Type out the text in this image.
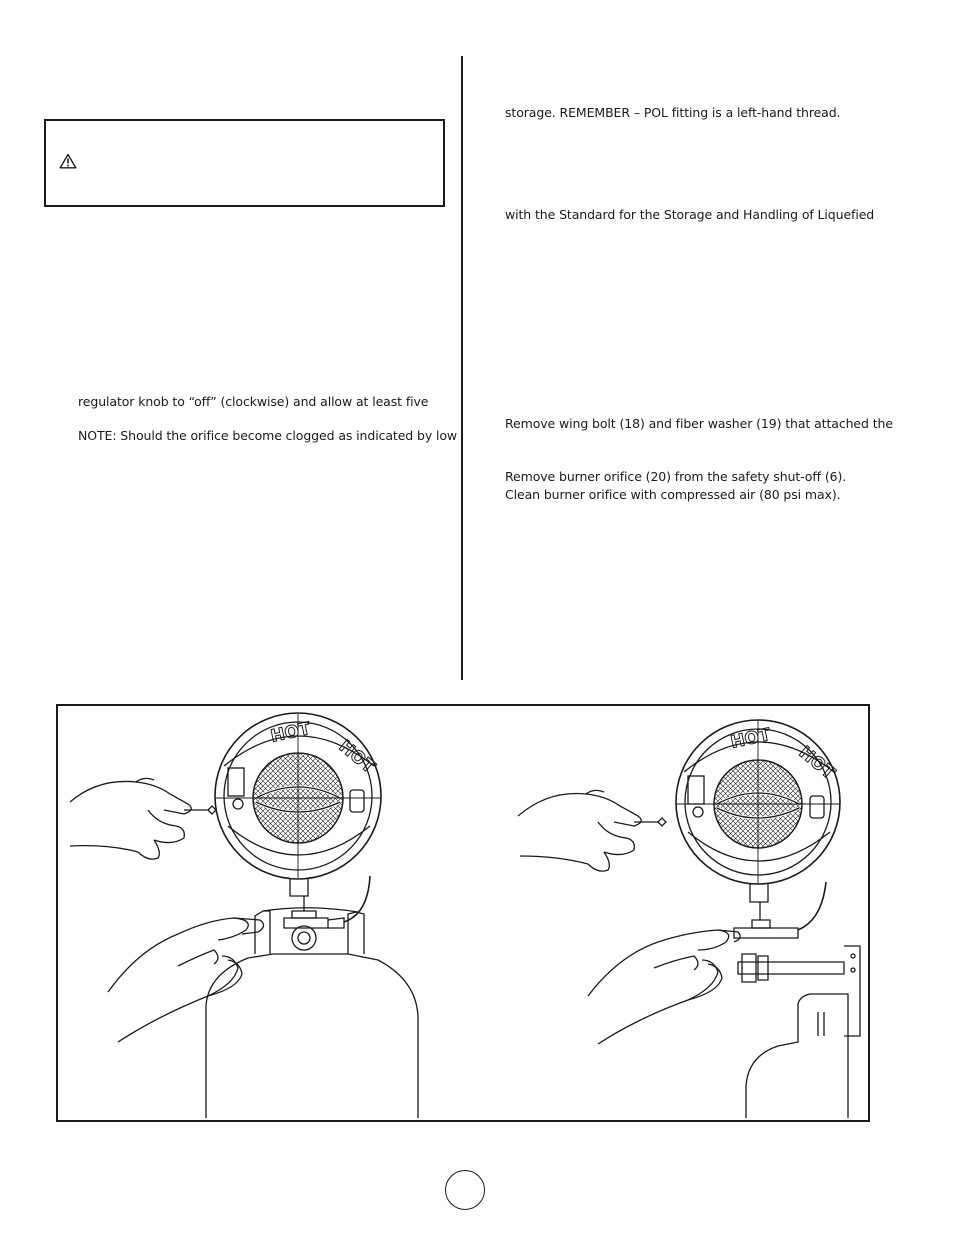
regulator knob to “off” (clockwise) and allow at least five
NOTE: Should the orifice become clogged as indicated by low
storage. REMEMBER – POL fitting is a left-hand thread.
with the Standard for the Storage and Handling of Liquefied
Remove wing bolt (18) and fiber washer (19) that attached the
Remove burner orifice (20) from the safety shut-off (6).
Clean burner orifice with compressed air (80 psi max).
HOT
HOT	HOT
HOT
